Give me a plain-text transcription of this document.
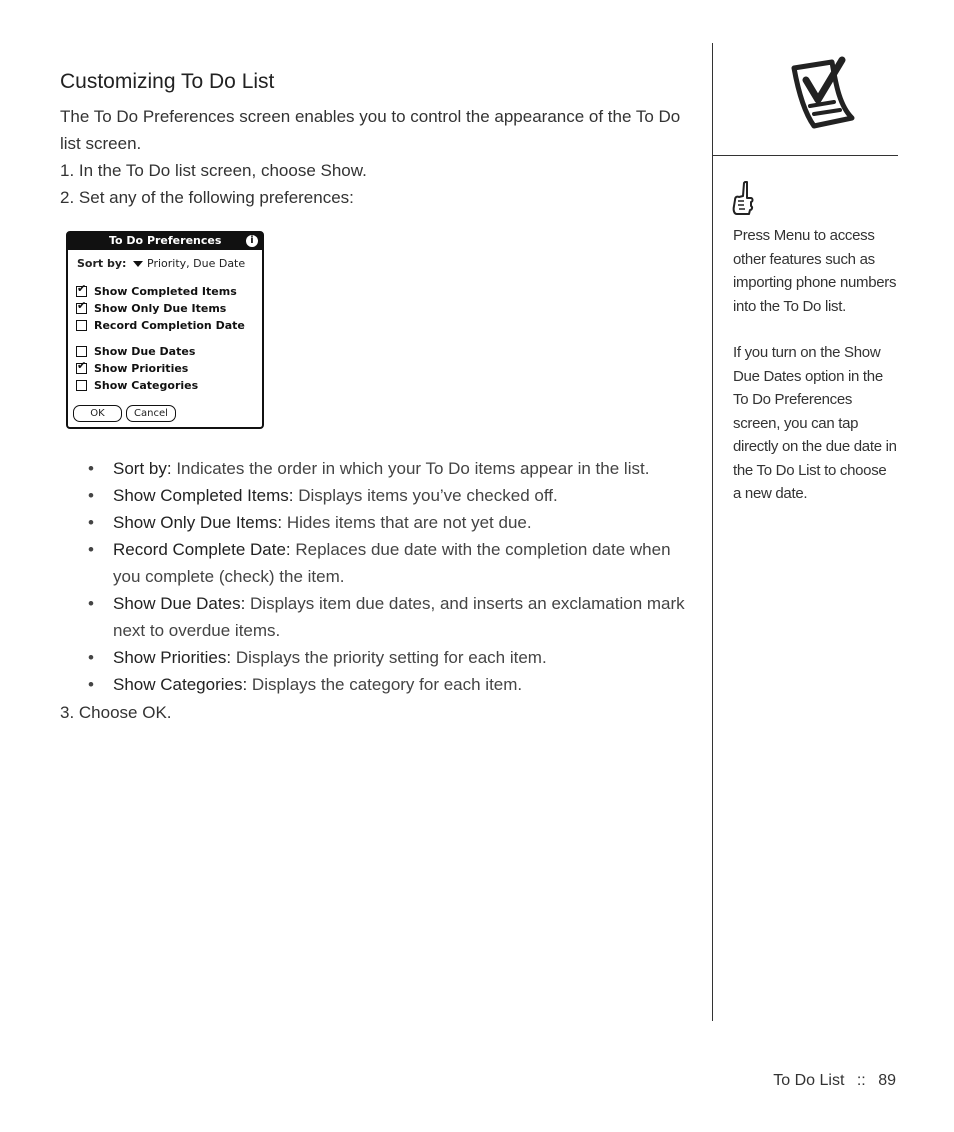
Customizing To Do List
The To Do Preferences screen enables you to control the appearance of the To Do list screen.
1. In the To Do list screen, choose Show.
2. Set any of the following preferences:
To Do Preferences	i
Sort by:	Priority, Due Date
✔Show Completed Items
✔Show Only Due Items
Record Completion Date
Show Due Dates
✔Show Priorities
Show Categories
OK	Cancel
• Sort by: Indicates the order in which your To Do items appear in the list.
• Show Completed Items: Displays items you’ve checked off.
• Show Only Due Items: Hides items that are not yet due.
• Record Complete Date: Replaces due date with the completion date when you complete (check) the item.
• Show Due Dates: Displays item due dates, and inserts an exclamation mark next to overdue items.
• Show Priorities: Displays the priority setting for each item.
• Show Categories: Displays the category for each item.
3. Choose OK.
Press Menu to access other features such as importing phone numbers into the To Do list.
If you turn on the Show Due Dates option in the To Do Preferences screen, you can tap directly on the due date in the To Do List to choose a new date.
To Do List :: 89
